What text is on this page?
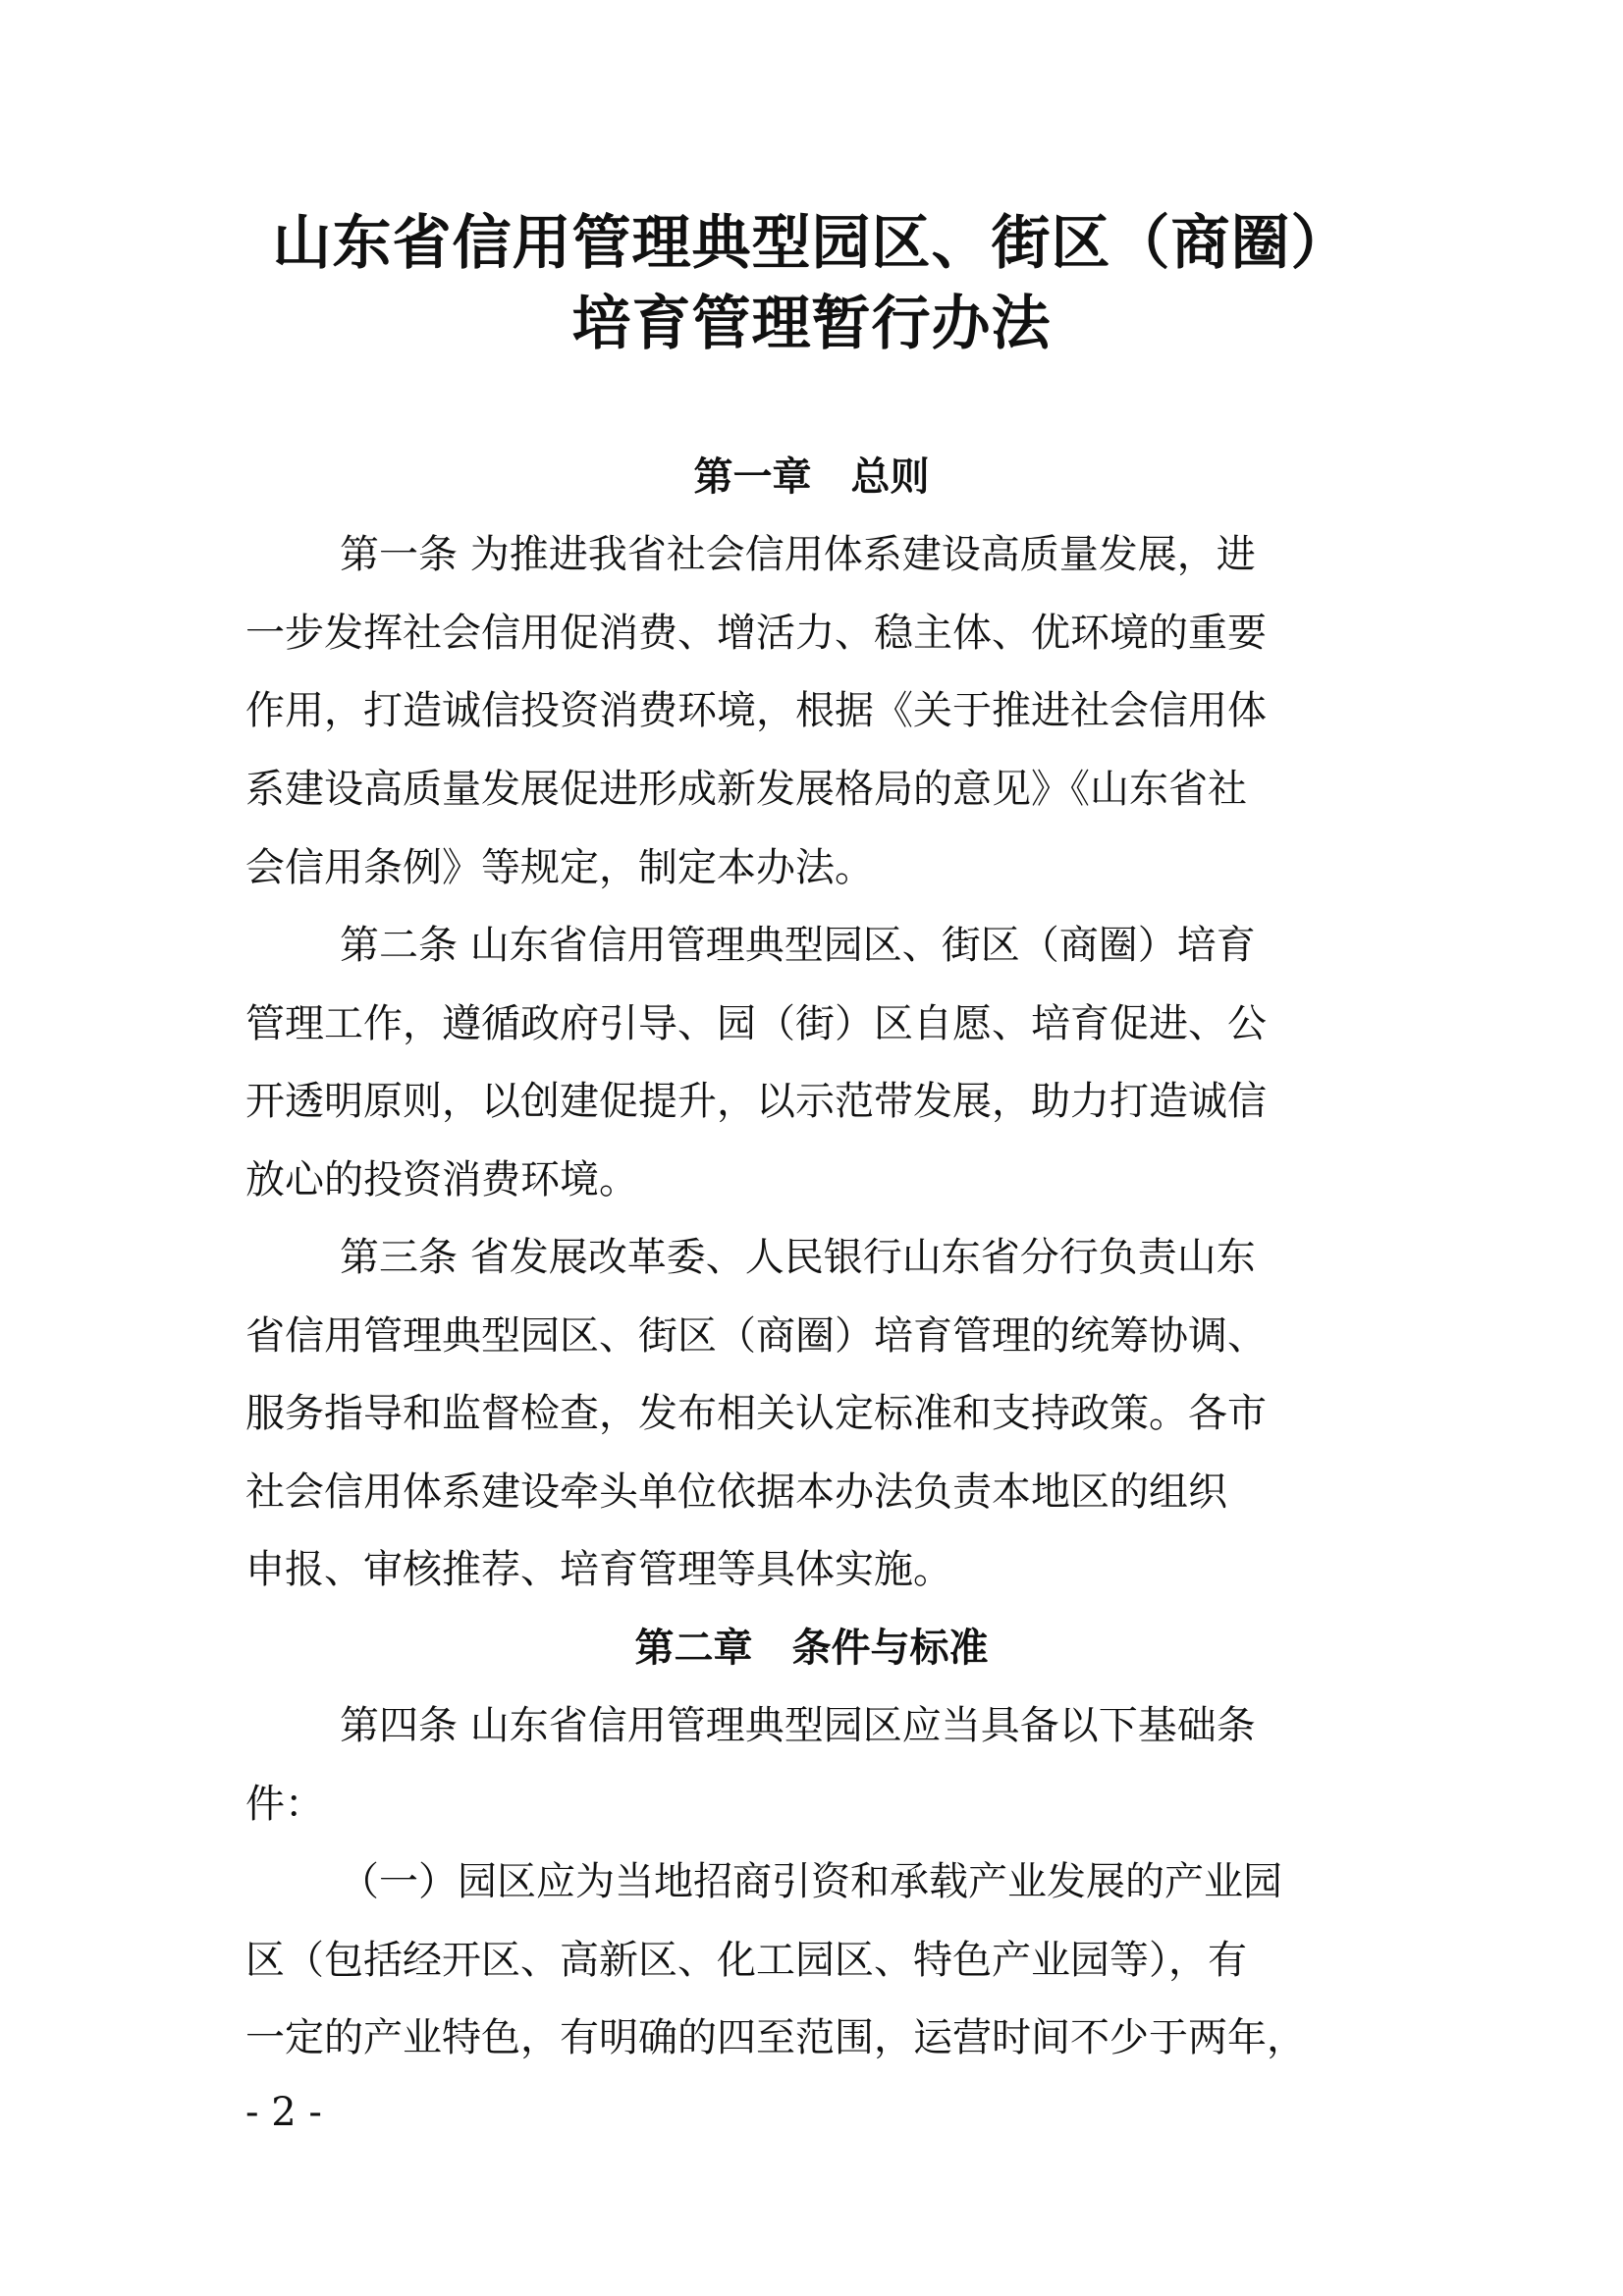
山东省信用管理典型园区、街区（商圈）
培育管理暂行办法
第一章　总则

第一条 为推进我省社会信用体系建设高质量发展，进

一步发挥社会信用促消费、增活力、稳主体、优环境的重要

作用，打造诚信投资消费环境，根据《关于推进社会信用体

系建设高质量发展促进形成新发展格局的意见》《山东省社

会信用条例》等规定，制定本办法。

第二条 山东省信用管理典型园区、街区（商圈）培育

管理工作，遵循政府引导、园（街）区自愿、培育促进、公

开透明原则，以创建促提升，以示范带发展，助力打造诚信

放心的投资消费环境。

第三条 省发展改革委、人民银行山东省分行负责山东

省信用管理典型园区、街区（商圈）培育管理的统筹协调、

服务指导和监督检查，发布相关认定标准和支持政策。各市

社会信用体系建设牵头单位依据本办法负责本地区的组织

申报、审核推荐、培育管理等具体实施。

第二章　条件与标准

第四条 山东省信用管理典型园区应当具备以下基础条

件：

（一）园区应为当地招商引资和承载产业发展的产业园

区（包括经开区、高新区、化工园区、特色产业园等），有

一定的产业特色，有明确的四至范围，运营时间不少于两年，

- 2 -
